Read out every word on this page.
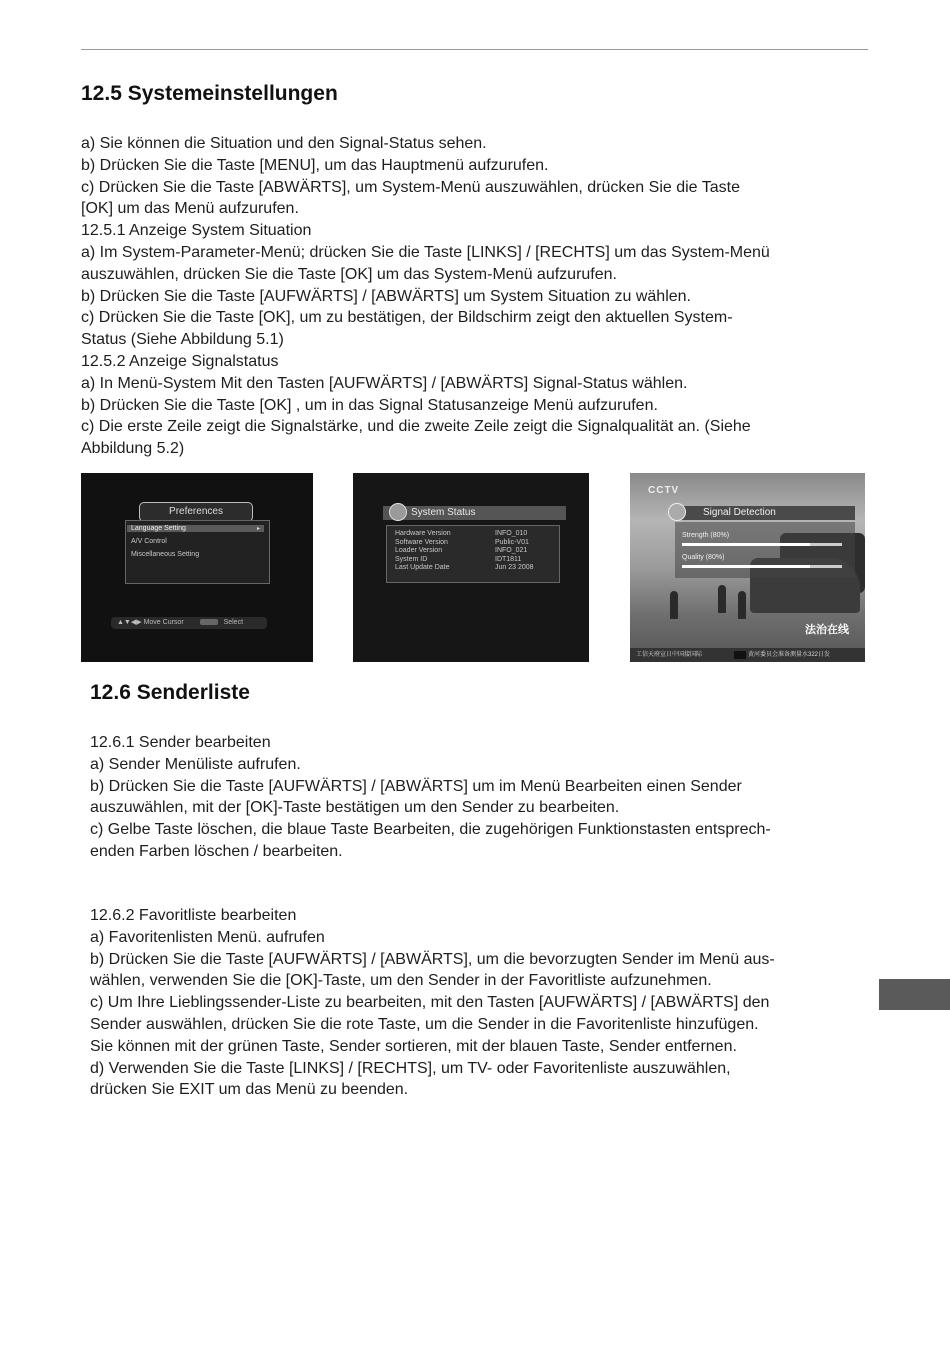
12.5 Systemeinstellungen

a) Sie können die Situation und den Signal-Status sehen.

b) Drücken Sie die Taste [MENU], um das Hauptmenü aufzurufen.

c) Drücken Sie die Taste [ABWÄRTS], um System-Menü auszuwählen, drücken Sie die Taste

[OK] um das Menü aufzurufen.

12.5.1 Anzeige System Situation

a) Im System-Parameter-Menü; drücken Sie die Taste [LINKS] / [RECHTS] um das System-Menü

auszuwählen, drücken Sie die Taste [OK] um das System-Menü aufzurufen.

b) Drücken Sie die Taste [AUFWÄRTS] / [ABWÄRTS] um System Situation zu wählen.

c) Drücken Sie die Taste [OK], um zu bestätigen, der Bildschirm zeigt den aktuellen System-

Status (Siehe Abbildung 5.1)

12.5.2 Anzeige Signalstatus

a) In Menü-System Mit den Tasten [AUFWÄRTS] / [ABWÄRTS] Signal-Status wählen.

b) Drücken Sie die Taste [OK] , um in das Signal Statusanzeige Menü aufzurufen.

c) Die erste Zeile zeigt die Signalstärke, und die zweite Zeile zeigt die Signalqualität an. (Siehe

Abbildung 5.2)

Preferences
Language Setting	▸
A/V Control
Miscellaneous Setting
▲▼◀▶ Move Cursor	Select
System Status
Hardware Version	INFO_010
Software Version	Public-V01
Loader Version	INFO_021
System ID	IDT1811
Last Update Date	Jun 23 2008
CCTV
Signal Detection
Strength (80%)
Quality (80%)
法治在线
工信天府宣日中国接国际	黄河委员会准备测量水322日发
12.6 Senderliste

12.6.1 Sender bearbeiten

a) Sender Menüliste aufrufen.

b) Drücken Sie die Taste [AUFWÄRTS] / [ABWÄRTS] um im Menü Bearbeiten einen Sender

auszuwählen, mit der [OK]-Taste bestätigen um den Sender zu bearbeiten.

c) Gelbe Taste löschen, die blaue Taste Bearbeiten, die zugehörigen Funktionstasten entsprech-

enden Farben löschen / bearbeiten.

12.6.2 Favoritliste bearbeiten

a) Favoritenlisten Menü. aufrufen

b) Drücken Sie die Taste [AUFWÄRTS] / [ABWÄRTS], um die bevorzugten Sender im Menü aus-

wählen, verwenden Sie die [OK]-Taste, um den Sender in der Favoritliste aufzunehmen.

c) Um Ihre Lieblingssender-Liste zu bearbeiten, mit den Tasten [AUFWÄRTS] / [ABWÄRTS] den

Sender auswählen, drücken Sie die rote Taste, um die Sender in die Favoritenliste hinzufügen.

Sie können mit der grünen Taste, Sender sortieren, mit der blauen Taste, Sender entfernen.

d) Verwenden Sie die Taste [LINKS] / [RECHTS], um TV- oder Favoritenliste auszuwählen,

drücken Sie EXIT um das Menü zu beenden.
